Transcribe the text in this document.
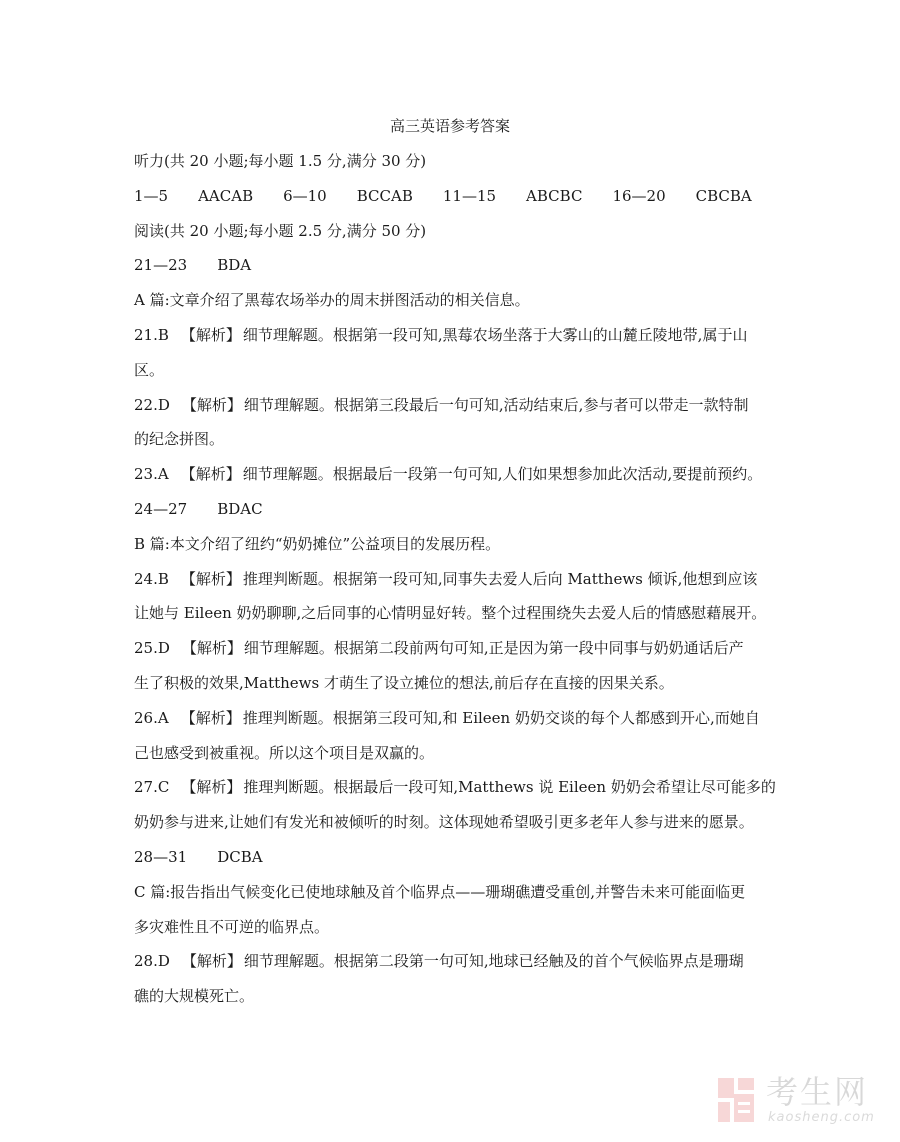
高三英语参考答案
听力(共 20 小题;每小题 1.5 分,满分 30 分)
1—5 AACAB 6—10 BCCAB 11—15 ABCBC 16—20 CBCBA
阅读(共 20 小题;每小题 2.5 分,满分 50 分)
21—23 BDA
A 篇:文章介绍了黑莓农场举办的周末拼图活动的相关信息。
21.B 【解析】 细节理解题。根据第一段可知,黑莓农场坐落于大雾山的山麓丘陵地带,属于山
区。
22.D 【解析】 细节理解题。根据第三段最后一句可知,活动结束后,参与者可以带走一款特制
的纪念拼图。
23.A 【解析】 细节理解题。根据最后一段第一句可知,人们如果想参加此次活动,要提前预约。
24—27 BDAC
B 篇:本文介绍了纽约“奶奶摊位”公益项目的发展历程。
24.B 【解析】 推理判断题。根据第一段可知,同事失去爱人后向 Matthews 倾诉,他想到应该
让她与 Eileen 奶奶聊聊,之后同事的心情明显好转。整个过程围绕失去爱人后的情感慰藉展开。
25.D 【解析】 细节理解题。根据第二段前两句可知,正是因为第一段中同事与奶奶通话后产
生了积极的效果,Matthews 才萌生了设立摊位的想法,前后存在直接的因果关系。
26.A 【解析】 推理判断题。根据第三段可知,和 Eileen 奶奶交谈的每个人都感到开心,而她自
己也感受到被重视。所以这个项目是双赢的。
27.C 【解析】 推理判断题。根据最后一段可知,Matthews 说 Eileen 奶奶会希望让尽可能多的
奶奶参与进来,让她们有发光和被倾听的时刻。这体现她希望吸引更多老年人参与进来的愿景。
28—31 DCBA
C 篇:报告指出气候变化已使地球触及首个临界点——珊瑚礁遭受重创,并警告未来可能面临更
多灾难性且不可逆的临界点。
28.D 【解析】 细节理解题。根据第二段第一句可知,地球已经触及的首个气候临界点是珊瑚
礁的大规模死亡。
考生网
kaosheng.com
